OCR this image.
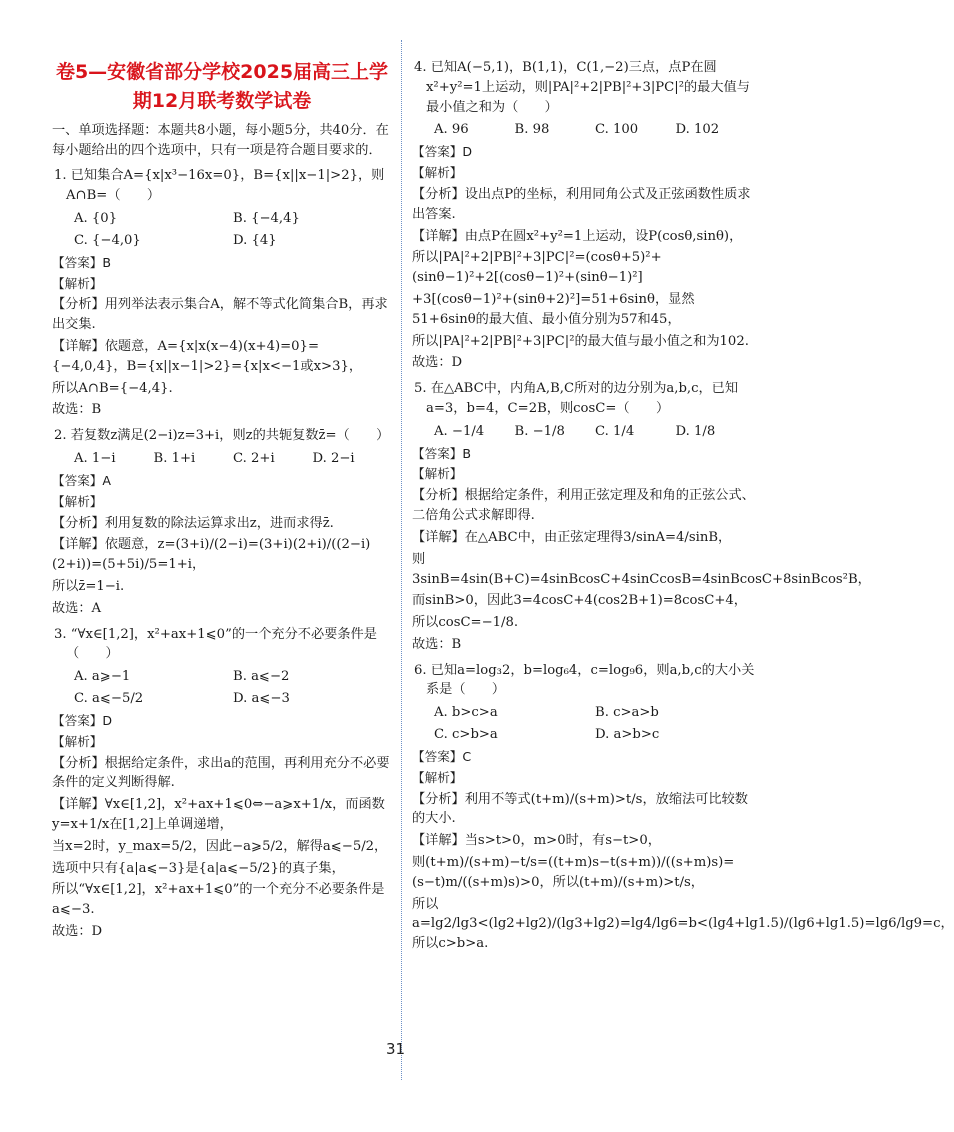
卷5—安徽省部分学校2025届高三上学
期12月联考数学试卷

一、单项选择题：本题共8小题，每小题5分，共40分．在每小题给出的四个选项中，只有一项是符合题目要求的．

1. 已知集合A={x|x³−16x=0}，B={x||x−1|>2}，则A∩B=（　　）

A. {0}	B. {−4,4}
C. {−4,0}	D. {4}

【答案】B

【解析】

【分析】用列举法表示集合A，解不等式化简集合B，再求出交集.

【详解】依题意，A={x|x(x−4)(x+4)=0}={−4,0,4}，B={x||x−1|>2}={x|x<−1或x>3}，

所以A∩B={−4,4}.

故选：B

2. 若复数z满足(2−i)z=3+i，则z的共轭复数z̄=（　　）

A. 1−i	B. 1+i	C. 2+i	D. 2−i

【答案】A

【解析】

【分析】利用复数的除法运算求出z，进而求得z̄.

【详解】依题意，z=(3+i)/(2−i)=(3+i)(2+i)/((2−i)(2+i))=(5+5i)/5=1+i，

所以z̄=1−i.

故选：A

3. “∀x∈[1,2]，x²+ax+1⩽0”的一个充分不必要条件是（　　）

A. a⩾−1	B. a⩽−2
C. a⩽−5/2	D. a⩽−3

【答案】D

【解析】

【分析】根据给定条件，求出a的范围，再利用充分不必要条件的定义判断得解.

【详解】∀x∈[1,2]，x²+ax+1⩽0⇔−a⩾x+1/x，而函数y=x+1/x在[1,2]上单调递增，

当x=2时，y_max=5/2，因此−a⩾5/2，解得a⩽−5/2，

选项中只有{a|a⩽−3}是{a|a⩽−5/2}的真子集，

所以“∀x∈[1,2]，x²+ax+1⩽0”的一个充分不必要条件是a⩽−3.

故选：D

4. 已知A(−5,1)，B(1,1)，C(1,−2)三点，点P在圆x²+y²=1上运动，则|PA|²+2|PB|²+3|PC|²的最大值与最小值之和为（　　）

A. 96	B. 98	C. 100	D. 102

【答案】D

【解析】

【分析】设出点P的坐标，利用同角公式及正弦函数性质求出答案.

【详解】由点P在圆x²+y²=1上运动，设P(cosθ,sinθ)，

所以|PA|²+2|PB|²+3|PC|²=(cosθ+5)²+(sinθ−1)²+2[(cosθ−1)²+(sinθ−1)²]

+3[(cosθ−1)²+(sinθ+2)²]=51+6sinθ，显然51+6sinθ的最大值、最小值分别为57和45，

所以|PA|²+2|PB|²+3|PC|²的最大值与最小值之和为102.

故选：D

5. 在△ABC中，内角A,B,C所对的边分别为a,b,c，已知a=3，b=4，C=2B，则cosC=（　　）

A. −1/4	B. −1/8	C. 1/4	D. 1/8

【答案】B

【解析】

【分析】根据给定条件，利用正弦定理及和角的正弦公式、二倍角公式求解即得.

【详解】在△ABC中，由正弦定理得3/sinA=4/sinB，

则3sinB=4sin(B+C)=4sinBcosC+4sinCcosB=4sinBcosC+8sinBcos²B，

而sinB>0，因此3=4cosC+4(cos2B+1)=8cosC+4，

所以cosC=−1/8.

故选：B

6. 已知a=log₃2，b=log₆4，c=log₉6，则a,b,c的大小关系是（　　）

A. b>c>a	B. c>a>b
C. c>b>a	D. a>b>c

【答案】C

【解析】

【分析】利用不等式(t+m)/(s+m)>t/s，放缩法可比较数的大小.

【详解】当s>t>0，m>0时，有s−t>0，

则(t+m)/(s+m)−t/s=((t+m)s−t(s+m))/((s+m)s)=(s−t)m/((s+m)s)>0，所以(t+m)/(s+m)>t/s，

所以a=lg2/lg3<(lg2+lg2)/(lg3+lg2)=lg4/lg6=b<(lg4+lg1.5)/(lg6+lg1.5)=lg6/lg9=c，所以c>b>a.

31
